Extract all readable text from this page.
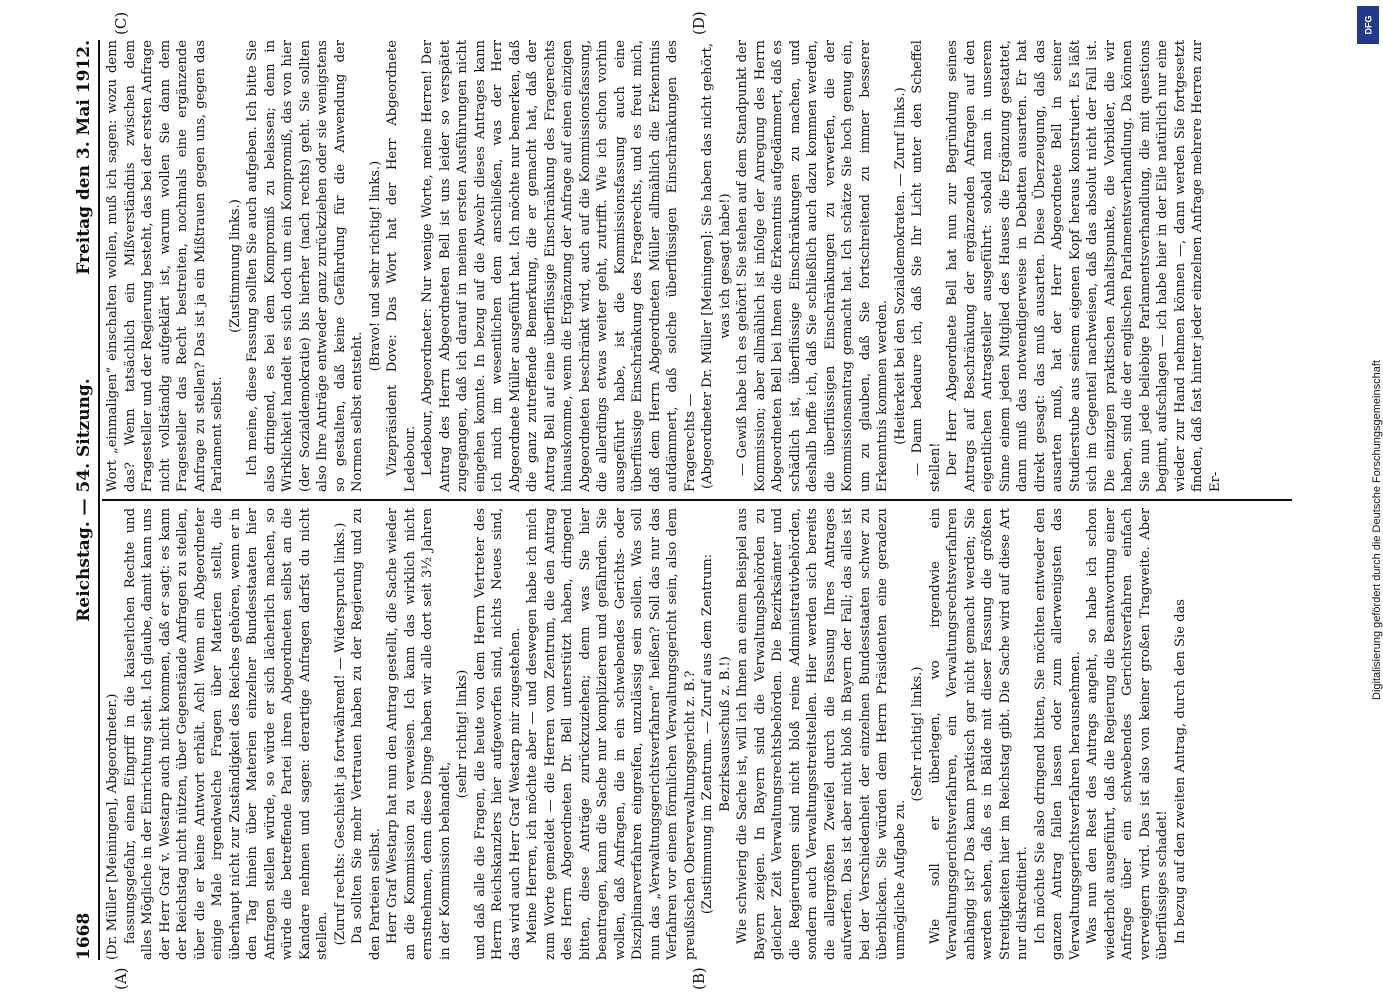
1668
Reichstag. — 54. Sitzung.
Freitag den 3. Mai 1912.
(A)	(B)
(C)	(D)

(Dr. Müller [Meiningen], Abgeordneter.) fassungsgefahr, einen Eingriff in die kaiserlichen Rechte und alles Mögliche in der Einrichtung sieht. Ich glaube, damit kann uns der Herr Graf v. Westarp auch nicht kommen, daß er sagt: es kann der Reichstag nicht nützen, über Gegenstände Anfragen zu stellen, über die er keine Antwort erhält. Ach! Wenn ein Abgeordneter einige Male irgendwelche Fragen über Materien stellt, die überhaupt nicht zur Zuständigkeit des Reiches gehören, wenn er in den Tag hinein über Materien einzelner Bundesstaaten hier Anfragen stellen würde, so würde er sich lächerlich machen, so würde die betreffende Partei ihren Abgeordneten selbst an die Kandare nehmen und sagen: derartige Anfragen darfst du nicht stellen. (Zuruf rechts: Geschieht ja fortwährend! — Widerspruch links.) Da sollten Sie mehr Vertrauen haben zu der Regierung und zu den Parteien selbst. Herr Graf Westarp hat nun den Antrag gestellt, die Sache wieder an die Kommission zu verweisen. Ich kann das wirklich nicht ernstnehmen, denn diese Dinge haben wir alle dort seit 3½ Jahren in der Kommission behandelt,

(sehr richtig! links) und daß alle die Fragen, die heute von dem Herrn Vertreter des Herrn Reichskanzlers hier aufgeworfen sind, nichts Neues sind, das wird auch Herr Graf Westarp mir zugestehen. Meine Herren, ich möchte aber — und deswegen habe ich mich zum Worte gemeldet — die Herren vom Zentrum, die den Antrag des Herrn Abgeordneten Dr. Bell unterstützt haben, dringend bitten, diese Anträge zurückzuziehen; denn was Sie hier beantragen, kann die Sache nur komplizieren und gefährden. Sie wollen, daß Anfragen, die in ein schwebendes Gerichts- oder Disziplinarverfahren eingreifen, unzulässig sein sollen. Was soll nun das „Verwaltungsgerichtsverfahren“ heißen? Soll das nur das Verfahren vor einem förmlichen Verwaltungsgericht sein, also dem preußischen Oberverwaltungsgericht z. B.? (Zustimmung im Zentrum. — Zuruf aus dem Zentrum: Bezirksausschuß z. B.!) Wie schwierig die Sache ist, will ich Ihnen an einem Beispiel aus Bayern zeigen. In Bayern sind die Verwaltungsbehörden zu gleicher Zeit Verwaltungsrechtsbehörden. Die Bezirksämter und die Regierungen sind nicht bloß reine Administrativbehörden, sondern auch Verwaltungsstreitstellen. Hier werden sich bereits die allergrößten Zweifel durch die Fassung Ihres Antrages aufwerfen. Das ist aber nicht bloß in Bayern der Fall; das alles ist bei der Verschiedenheit der einzelnen Bundesstaaten schwer zu überblicken. Sie würden dem Herrn Präsidenten eine geradezu unmögliche Aufgabe zu.

(Sehr richtig! links.) Wie soll er überlegen, wo irgendwie ein Verwaltungsgerichtsverfahren, ein Verwaltungsrechtsverfahren anhängig ist? Das kann praktisch gar nicht gemacht werden; Sie werden sehen, daß es in Bälde mit dieser Fassung die größten Streitigkeiten hier im Reichstag gibt. Die Sache wird auf diese Art nur diskreditiert. Ich möchte Sie also dringend bitten, Sie möchten entweder den ganzen Antrag fallen lassen oder zum allerwenigsten das Verwaltungsgerichtsverfahren herausnehmen. Was nun den Rest des Antrags angeht, so habe ich schon wiederholt ausgeführt, daß die Regierung die Beantwortung einer Anfrage über ein schwebendes Gerichtsverfahren einfach verweigern wird. Das ist also von keiner großen Tragweite. Aber überflüssiges schadet! In bezug auf den zweiten Antrag, durch den Sie das

Wort „einmaligen“ einschalten wollen, muß ich sagen: wozu denn das? Wenn tatsächlich ein Mißverständnis zwischen dem Fragesteller und der Regierung besteht, das bei der ersten Anfrage nicht vollständig aufgeklärt ist, warum wollen Sie dann dem Fragesteller das Recht bestreiten, nochmals eine ergänzende Anfrage zu stellen? Das ist ja ein Mißtrauen gegen uns, gegen das Parlament selbst.

(Zustimmung links.) Ich meine, diese Fassung sollten Sie auch aufgeben. Ich bitte Sie also dringend, es bei dem Kompromiß zu belassen; denn in Wirklichkeit handelt es sich doch um ein Kompromiß, das von hier (der Sozialdemokratie) bis hierher (nach rechts) geht. Sie sollten also Ihre Anträge entweder ganz zurückziehen oder sie wenigstens so gestalten, daß keine Gefährdung für die Anwendung der Normen selbst entsteht.

(Bravo! und sehr richtig! links.) Vizepräsident Dove: Das Wort hat der Herr Abgeordnete Ledebour. Ledebour, Abgeordneter: Nur wenige Worte, meine Herren! Der Antrag des Herrn Abgeordneten Bell ist uns leider so verspätet zugegangen, daß ich darauf in meinen ersten Ausführungen nicht eingehen konnte. In bezug auf die Abwehr dieses Antrages kann ich mich im wesentlichen dem anschließen, was der Herr Abgeordnete Müller ausgeführt hat. Ich möchte nur bemerken, daß die ganz zutreffende Bemerkung, die er gemacht hat, daß der Antrag Bell auf eine überflüssige Einschränkung des Fragerechts hinauskomme, wenn die Ergänzung der Anfrage auf einen einzigen Abgeordneten beschränkt wird, auch auf die Kommissionsfassung, die allerdings etwas weiter geht, zutrifft. Wie ich schon vorhin ausgeführt habe, ist die Kommissionsfassung auch eine überflüssige Einschränkung des Fragerechts, und es freut mich, daß dem Herrn Abgeordneten Müller allmählich die Erkenntnis aufdämmert, daß solche überflüssigen Einschränkungen des Fragerechts — (Abgeordneter Dr. Müller [Meiningen]: Sie haben das nicht gehört, was ich gesagt habe!) — Gewiß habe ich es gehört! Sie stehen auf dem Standpunkt der Kommission; aber allmählich ist infolge der Anregung des Herrn Abgeordneten Bell bei Ihnen die Erkenntnis aufgedämmert, daß es schädlich ist, überflüssige Einschränkungen zu machen, und deshalb hoffe ich, daß Sie schließlich auch dazu kommen werden, die überflüssigen Einschränkungen zu verwerfen, die der Kommissionsantrag gemacht hat. Ich schätze Sie hoch genug ein, um zu glauben, daß Sie fortschreitend zu immer besserer Erkenntnis kommen werden. (Heiterkeit bei den Sozialdemokraten. — Zuruf links.) — Dann bedaure ich, daß Sie Ihr Licht unter den Scheffel stellen! Der Herr Abgeordnete Bell hat nun zur Begründung seines Antrags auf Beschränkung der ergänzenden Anfragen auf den eigentlichen Antragsteller ausgeführt: sobald man in unserem Sinne einem jeden Mitglied des Hauses die Ergänzung gestattet, dann muß das notwendigerweise in Debatten ausarten. Er hat direkt gesagt: das muß ausarten. Diese Überzeugung, daß das ausarten muß, hat der Herr Abgeordnete Bell in seiner Studierstube aus seinem eigenen Kopf heraus konstruiert. Es läßt sich im Gegenteil nachweisen, daß das absolut nicht der Fall ist. Die einzigen praktischen Anhaltspunkte, die Vorbilder, die wir haben, sind die der englischen Parlamentsverhandlung. Da können Sie nun jede beliebige Parlamentsverhandlung, die mit questions beginnt, aufschlagen — ich habe hier in der Eile natürlich nur eine wieder zur Hand nehmen können —, dann werden Sie fortgesetzt finden, daß fast hinter jeder einzelnen Anfrage mehrere Herren zur Er-	Digitalisierung gefördert durch die Deutsche Forschungsgemeinschaft
DFG
